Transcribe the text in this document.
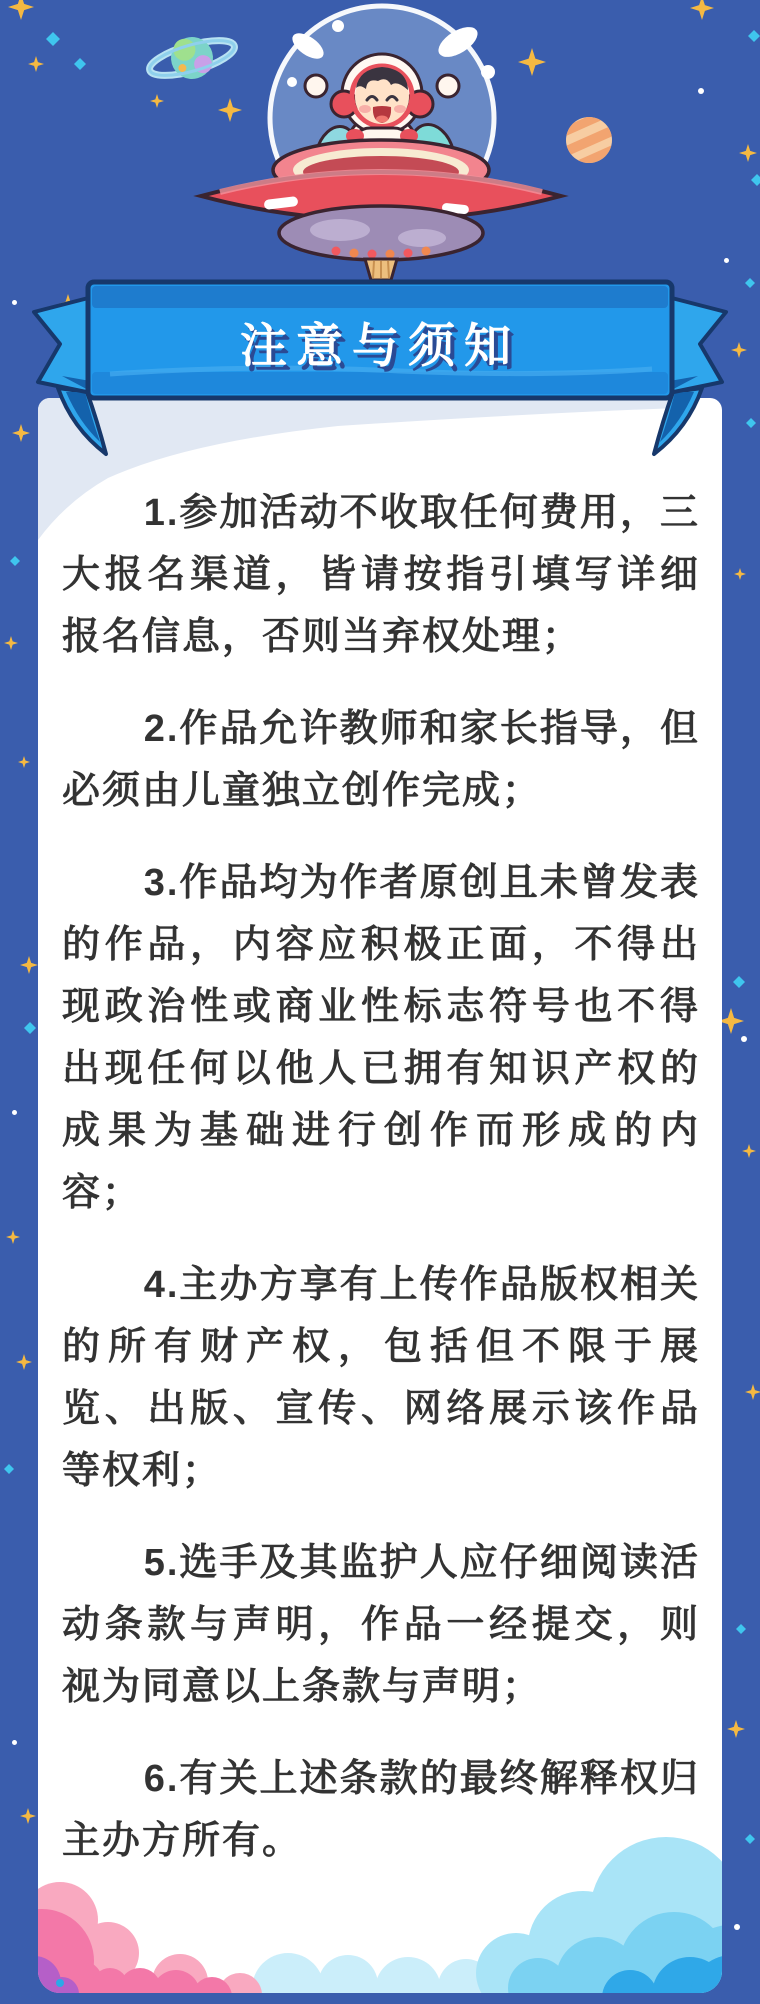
1.参加活动不收取任何费用，三大报名渠道，皆请按指引填写详细报名信息，否则当弃权处理；

2.作品允许教师和家长指导，但必须由儿童独立创作完成；

3.作品均为作者原创且未曾发表的作品，内容应积极正面，不得出现政治性或商业性标志符号也不得出现任何以他人已拥有知识产权的成果为基础进行创作而形成的内容；

4.主办方享有上传作品版权相关的所有财产权，包括但不限于展览、出版、宣传、网络展示该作品等权利；

5.选手及其监护人应仔细阅读活动条款与声明，作品一经提交，则视为同意以上条款与声明；

6.有关上述条款的最终解释权归主办方所有。

注意与须知
